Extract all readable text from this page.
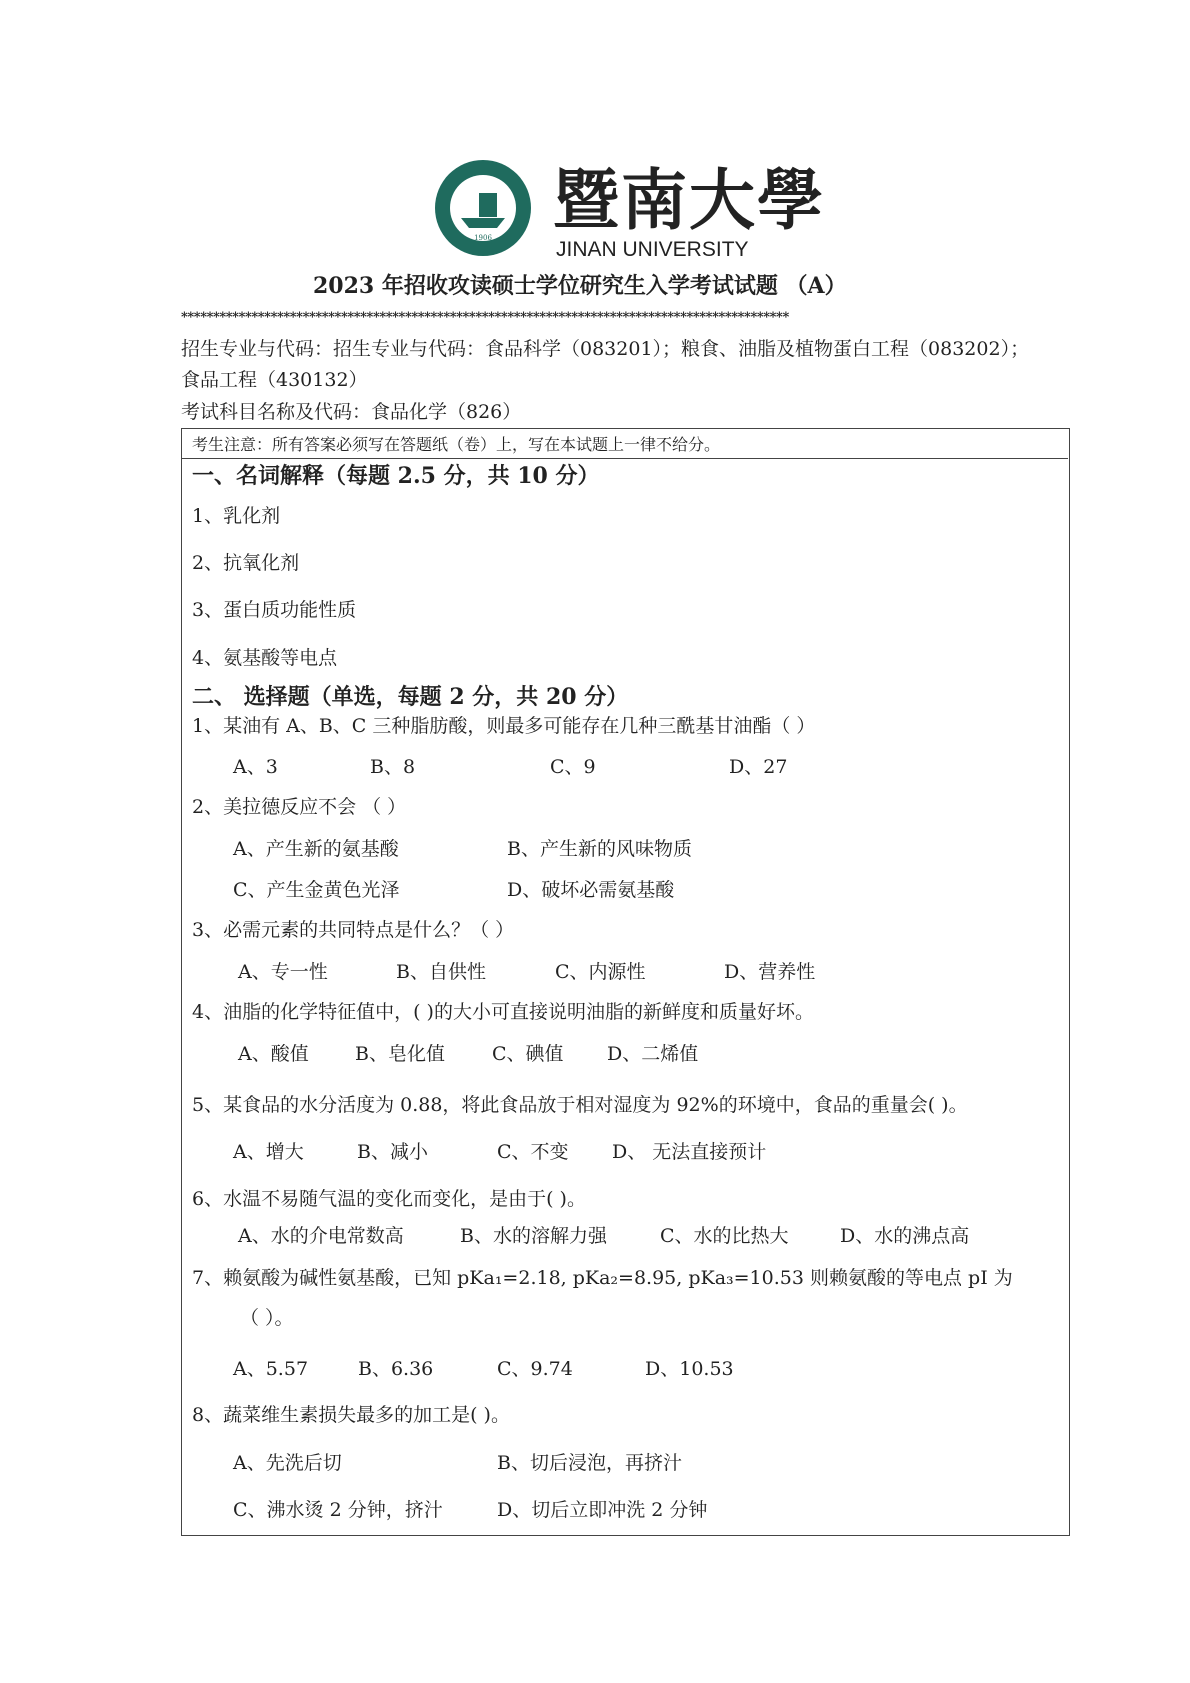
1906 暨南大學
JINAN UNIVERSITY
2023 年招收攻读硕士学位研究生入学考试试题 （A）
***********************************************************************************************
招生专业与代码：招生专业与代码：食品科学（083201）；粮食、油脂及植物蛋白工程（083202）；
食品工程（430132）
考试科目名称及代码：食品化学（826）
考生注意：所有答案必须写在答题纸（卷）上，写在本试题上一律不给分。
一、名词解释（每题 2.5 分，共 10 分）
1、乳化剂
2、抗氧化剂
3、蛋白质功能性质
4、氨基酸等电点
二、 选择题（单选，每题 2 分，共 20 分）
1、某油有 A、B、C 三种脂肪酸，则最多可能存在几种三酰基甘油酯（ ）
A、3	B、8	C、9	D、27
2、美拉德反应不会 （ ）
A、产生新的氨基酸	B、产生新的风味物质
C、产生金黄色光泽	D、破坏必需氨基酸
3、必需元素的共同特点是什么？（ ）
A、专一性	B、自供性	C、内源性	D、营养性
4、油脂的化学特征值中，( )的大小可直接说明油脂的新鲜度和质量好坏。
A、酸值 B、皂化值 C、碘值 D、二烯值
5、某食品的水分活度为 0.88，将此食品放于相对湿度为 92%的环境中，食品的重量会( )。
A、增大	B、减小	C、不变 D、 无法直接预计
6、水温不易随气温的变化而变化，是由于( )。
A、水的介电常数高	B、水的溶解力强	C、水的比热大	D、水的沸点高
7、赖氨酸为碱性氨基酸，已知 pKa₁=2.18, pKa₂=8.95, pKa₃=10.53 则赖氨酸的等电点 pI 为
（ ）。
A、5.57	B、6.36	C、9.74	D、10.53
8、蔬菜维生素损失最多的加工是( )。
A、先洗后切	B、切后浸泡，再挤汁
C、沸水烫 2 分钟，挤汁	D、切后立即冲洗 2 分钟
